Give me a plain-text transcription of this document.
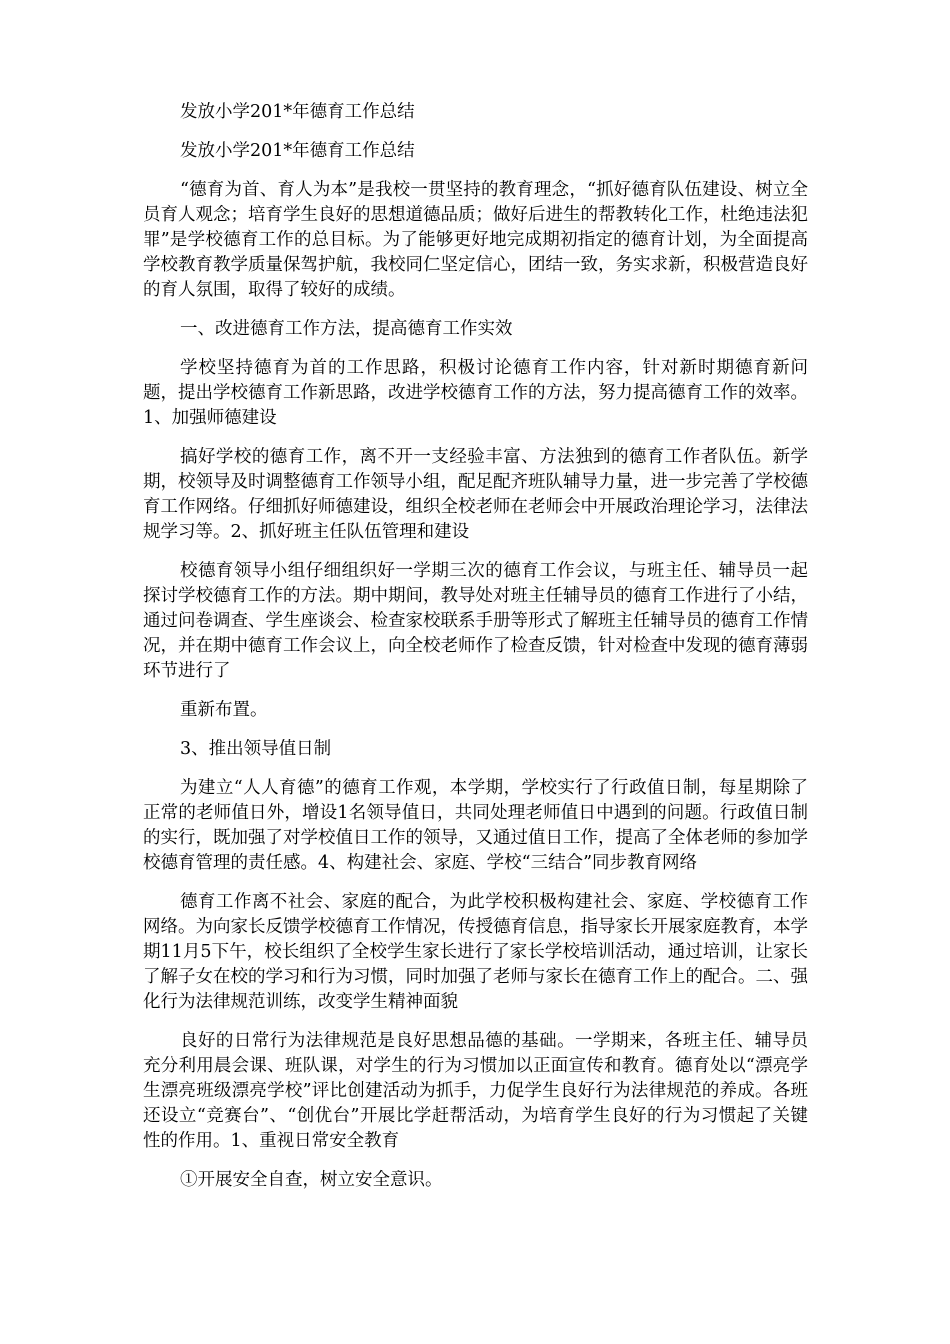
发放小学201*年德育工作总结

发放小学201*年德育工作总结

“德育为首、育人为本”是我校一贯坚持的教育理念，“抓好德育队伍建设、树立全员育人观念；培育学生良好的思想道德品质；做好后进生的帮教转化工作，杜绝违法犯罪”是学校德育工作的总目标。为了能够更好地完成期初指定的德育计划，为全面提高学校教育教学质量保驾护航，我校同仁坚定信心，团结一致，务实求新，积极营造良好的育人氛围，取得了较好的成绩。

一、改进德育工作方法，提高德育工作实效

学校坚持德育为首的工作思路，积极讨论德育工作内容，针对新时期德育新问题，提出学校德育工作新思路，改进学校德育工作的方法，努力提高德育工作的效率。1、加强师德建设

搞好学校的德育工作，离不开一支经验丰富、方法独到的德育工作者队伍。新学期，校领导及时调整德育工作领导小组，配足配齐班队辅导力量，进一步完善了学校德育工作网络。仔细抓好师德建设，组织全校老师在老师会中开展政治理论学习，法律法规学习等。2、抓好班主任队伍管理和建设

校德育领导小组仔细组织好一学期三次的德育工作会议，与班主任、辅导员一起探讨学校德育工作的方法。期中期间，教导处对班主任辅导员的德育工作进行了小结，通过问卷调查、学生座谈会、检查家校联系手册等形式了解班主任辅导员的德育工作情况，并在期中德育工作会议上，向全校老师作了检查反馈，针对检查中发现的德育薄弱环节进行了

重新布置。

3、推出领导值日制

为建立“人人育德”的德育工作观，本学期，学校实行了行政值日制，每星期除了正常的老师值日外，增设1名领导值日，共同处理老师值日中遇到的问题。行政值日制的实行，既加强了对学校值日工作的领导，又通过值日工作，提高了全体老师的参加学校德育管理的责任感。4、构建社会、家庭、学校“三结合”同步教育网络

德育工作离不社会、家庭的配合，为此学校积极构建社会、家庭、学校德育工作网络。为向家长反馈学校德育工作情况，传授德育信息，指导家长开展家庭教育，本学期11月5下午，校长组织了全校学生家长进行了家长学校培训活动，通过培训，让家长了解子女在校的学习和行为习惯，同时加强了老师与家长在德育工作上的配合。二、强化行为法律规范训练，改变学生精神面貌

良好的日常行为法律规范是良好思想品德的基础。一学期来，各班主任、辅导员充分利用晨会课、班队课，对学生的行为习惯加以正面宣传和教育。德育处以“漂亮学生漂亮班级漂亮学校”评比创建活动为抓手，力促学生良好行为法律规范的养成。各班还设立“竞赛台”、“创优台”开展比学赶帮活动，为培育学生良好的行为习惯起了关键性的作用。1、重视日常安全教育

①开展安全自查，树立安全意识。
